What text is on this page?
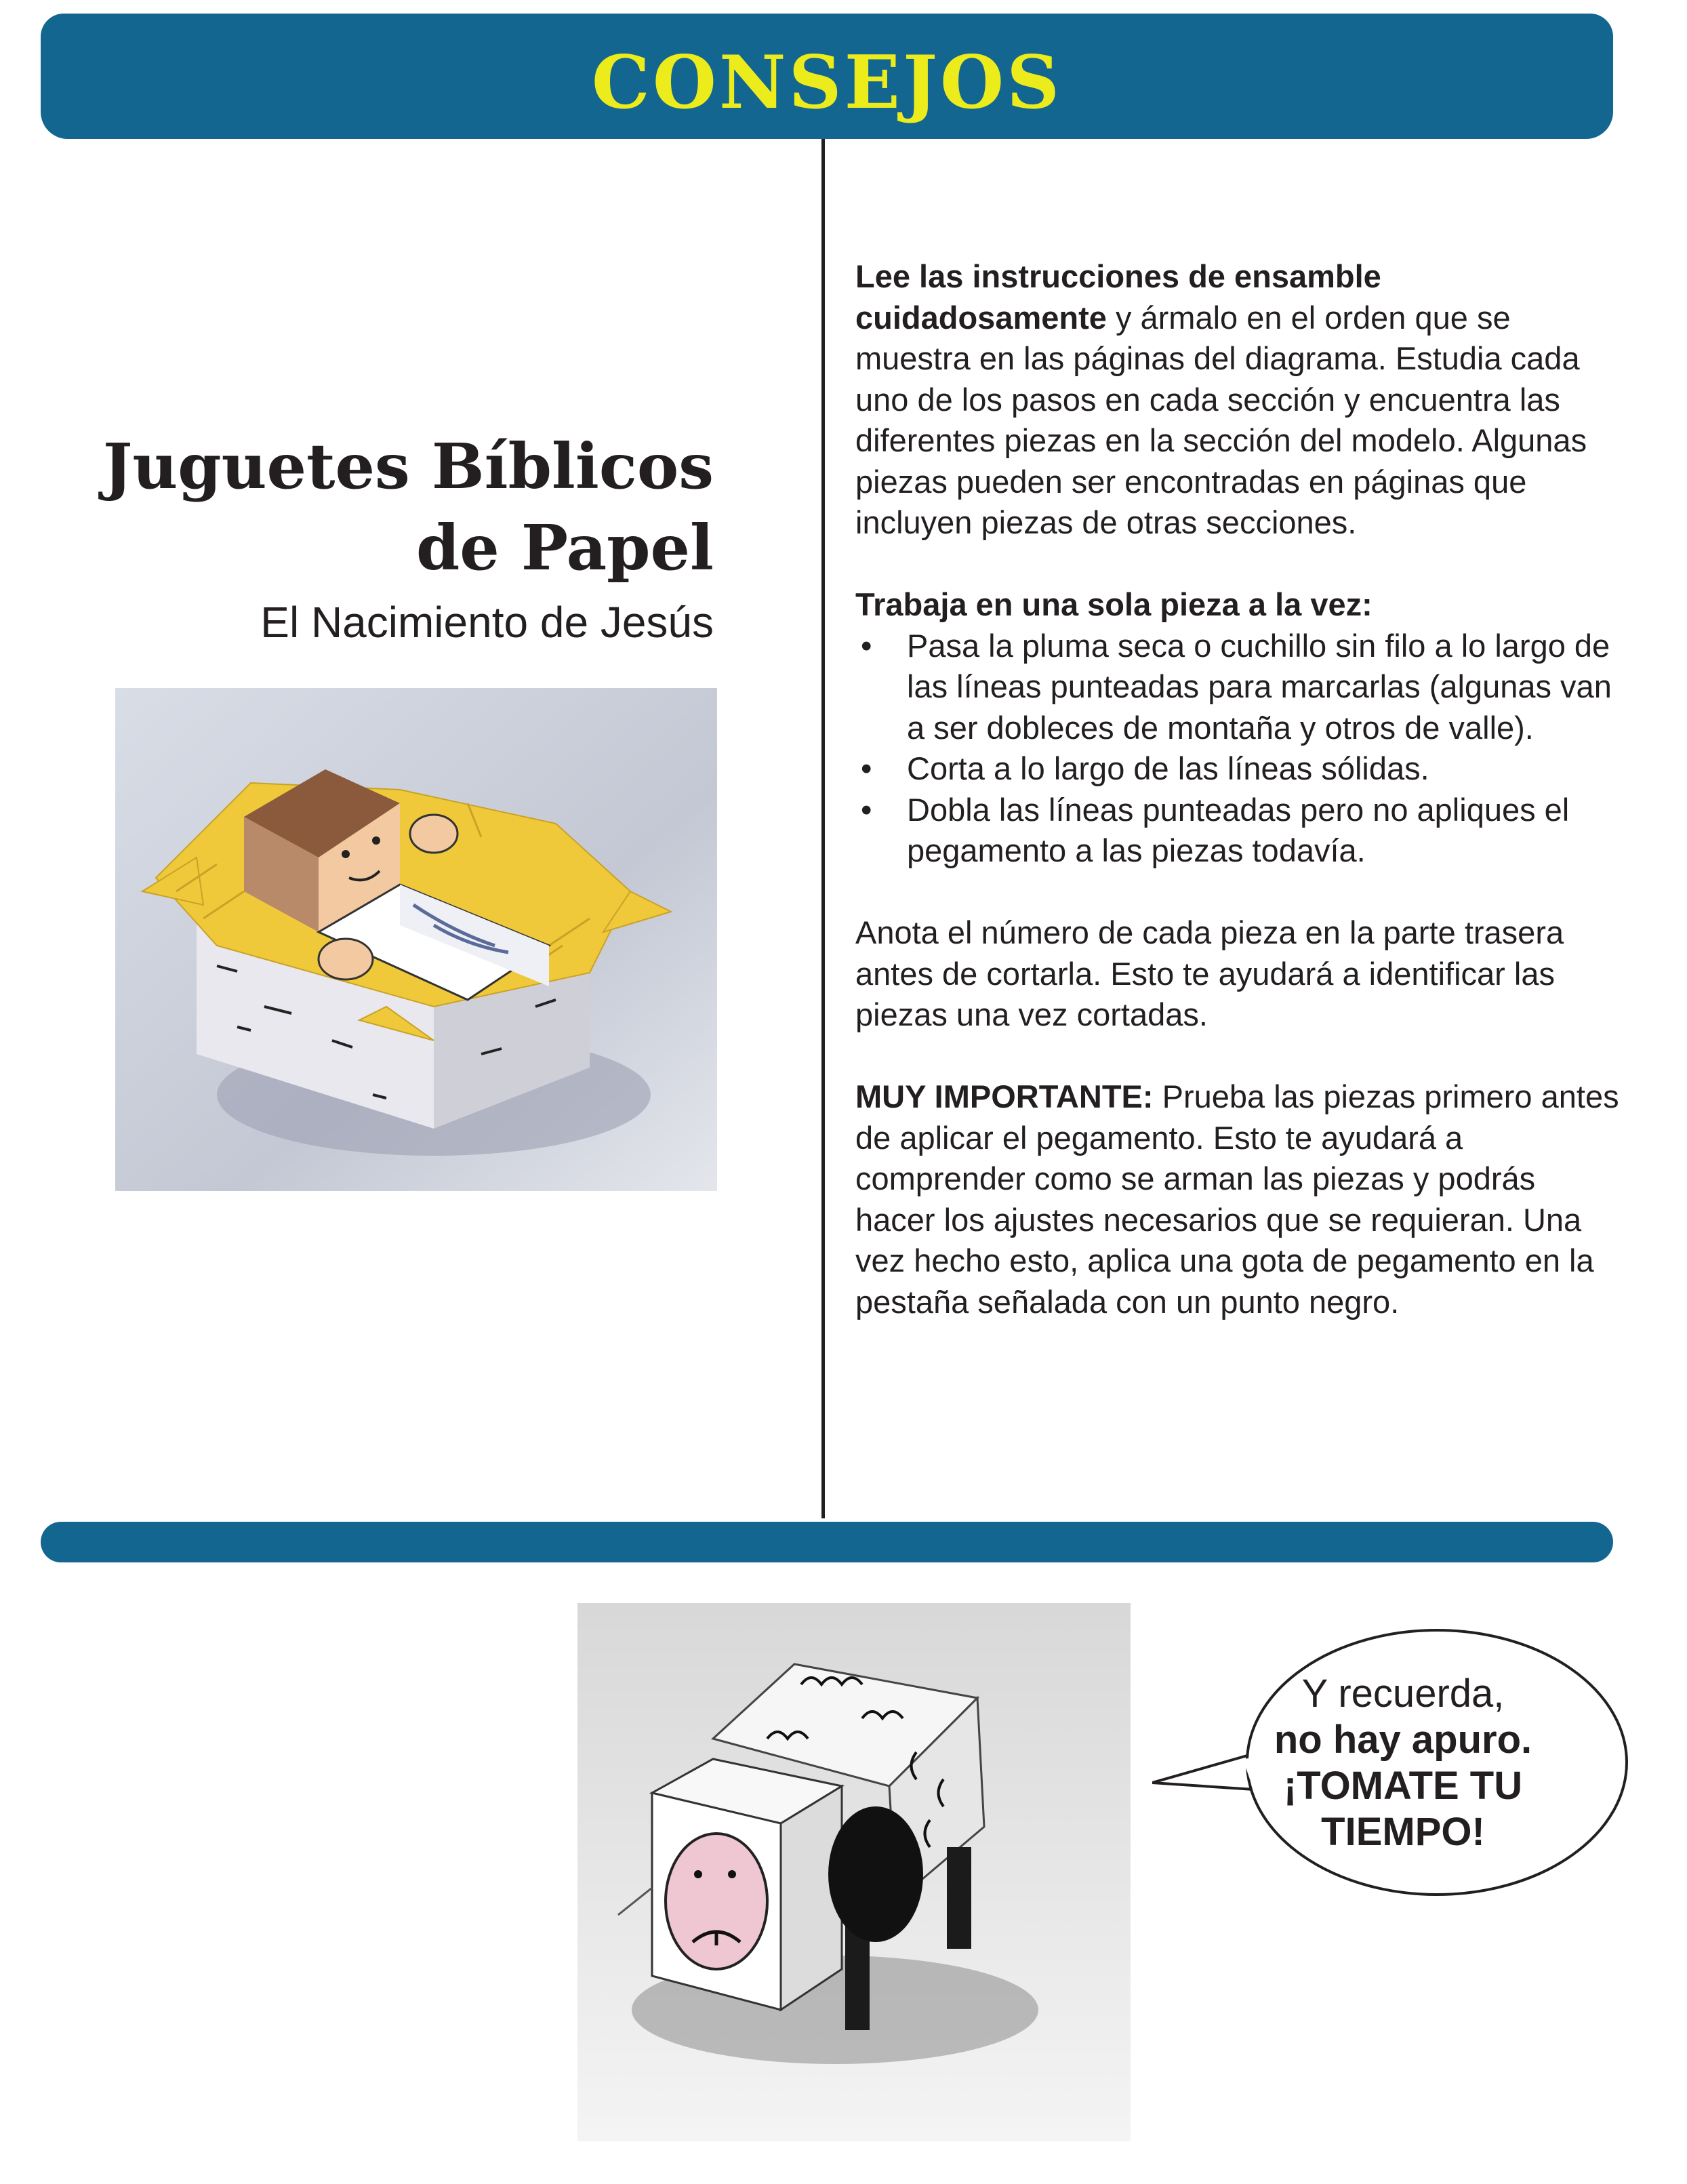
CONSEJOS
Juguetes Bíblicos
de Papel
El Nacimiento de Jesús

Lee las instrucciones de ensamble cuidadosamente y ármalo en el orden que se muestra en las páginas del diagrama. Estudia cada uno de los pasos en cada sección y encuentra las diferentes piezas en la sección del modelo. Algunas piezas pueden ser encontradas en páginas que incluyen piezas de otras secciones.

Trabaja en una sola pieza a la vez:
• Pasa la pluma seca o cuchillo sin filo a lo largo de las líneas punteadas para marcarlas (algunas van a ser dobleces de montaña y otros de valle).
• Corta a lo largo de las líneas sólidas.
• Dobla las líneas punteadas pero no apliques el pegamento a las piezas todavía.

Anota el número de cada pieza en la parte trasera antes de cortarla. Esto te ayudará a identificar las piezas una vez cortadas.

MUY IMPORTANTE: Prueba las piezas primero antes de aplicar el pegamento. Esto te ayudará a comprender como se arman las piezas y podrás hacer los ajustes necesarios que se requieran. Una vez hecho esto, aplica una gota de pegamento en la pestaña señalada con un punto negro.

Y recuerda,
no hay apuro.
¡TOMATE TU
TIEMPO!
